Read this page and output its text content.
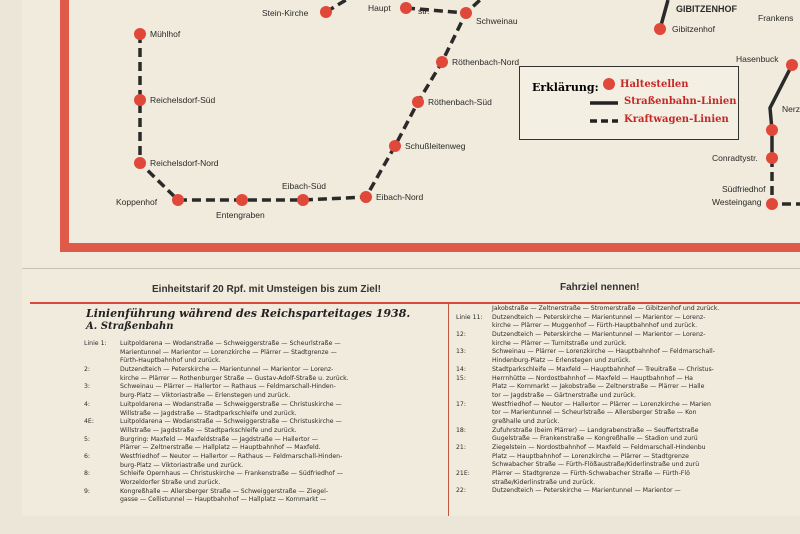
Mühlhof
Reichelsdorf-Süd
Reichelsdorf-Nord
Koppenhof
Entengraben
Eibach-Süd
Eibach-Nord
Schußleitenweg
Röthenbach-Süd
Röthenbach-Nord
Schweinau
Stein-Kirche	Haupt	str.	GIBITZENHOF
Gibitzenhof
Frankens
Hasenbuck
Nerz
Conradtystr.
Südfriedhof
Westeingang
Erklärung: Haltestellen
Straßenbahn-Linien
Kraftwagen-Linien
Einheitstarif 20 Rpf. mit Umsteigen bis zum Ziel!	Fahrziel nennen!
Linienführung während des Reichsparteitages 1938.
A. Straßenbahn
Linie 1:	Luitpoldarena — Wodanstraße — Schweiggerstraße — Scheurlstraße —
Marientunnel — Marientor — Lorenzkirche — Plärrer — Stadtgrenze —
Fürth-Hauptbahnhof und zurück.
2:	Dutzendteich — Peterskirche — Marientunnel — Marientor — Lorenz-
kirche — Plärrer — Rothenburger Straße — Gustav-Adolf-Straße u. zurück.
3:	Schweinau — Plärrer — Hallertor — Rathaus — Feldmarschall-Hinden-
burg-Platz — Viktoriastraße — Erlenstegen und zurück.
4:	Luitpoldarena — Wodanstraße — Schweiggerstraße — Christuskirche —
Willstraße — Jagdstraße — Stadtparkschleife und zurück.
4E:	Luitpoldarena — Wodanstraße — Schweiggerstraße — Christuskirche —
Willstraße — Jagdstraße — Stadtparkschleife und zurück.
5:	Burgring: Maxfeld — Maxfeldstraße — Jagdstraße — Hallertor —
Plärrer — Zeltnerstraße — Hallplatz — Hauptbahnhof — Maxfeld.
6:	Westfriedhof — Neutor — Hallertor — Rathaus — Feldmarschall-Hinden-
burg-Platz — Viktoriastraße und zurück.
8:	Schleife Opernhaus — Christuskirche — Frankenstraße — Südfriedhof —
Worzeldorfer Straße und zurück.
9:	Kongreßhalle — Allersberger Straße — Schweiggerstraße — Ziegel-
gasse — Cellistunnel — Hauptbahnhof — Hallplatz — Kornmarkt —
Jakobstraße — Zeltnerstraße — Stromerstraße — Gibitzenhof und zurück.
Linie 11:	Dutzendteich — Peterskirche — Marientunnel — Marientor — Lorenz-
kirche — Plärrer — Muggenhof — Fürth-Hauptbahnhof und zurück.
12:	Dutzendteich — Peterskirche — Marientunnel — Marientor — Lorenz-
kirche — Plärrer — Turnitstraße und zurück.
13:	Schweinau — Plärrer — Lorenzkirche — Hauptbahnhof — Feldmarschall-
Hindenburg-Platz — Erlenstegen und zurück.
14:	Stadtparkschleife — Maxfeld — Hauptbahnhof — Treuitraße — Christus-
15:	Herrnhütte — Nordostbahnhof — Maxfeld — Hauptbahnhof — Ha
Platz — Kornmarkt — Jakobstraße — Zeltnerstraße — Plärrer — Halle
tor — Jagdstraße — Gärtnerstraße und zurück.
17:	Westfriedhof — Neutor — Hallertor — Plärrer — Lorenzkirche — Marien
tor — Marientunnel — Scheurlstraße — Allersberger Straße — Kon
greßhalle und zurück.
18:	Zufuhrstraße (beim Plärrer) — Landgrabenstraße — Seuffertstraße
Gugelstraße — Frankenstraße — Kongreßhalle — Stadion und zurü
21:	Ziegelstein — Nordostbahnhof — Maxfeld — Feldmarschall-Hindenbu
Platz — Hauptbahnhof — Lorenzkirche — Plärrer — Stadtgrenze
Schwabacher Straße — Fürth-Flößaustraße/Kiderlinstraße und zurü
21E:	Plärrer — Stadtgrenze — Fürth-Schwabacher Straße — Fürth-Flö
straße/Kiderlinstraße und zurück.
22:	Dutzendteich — Peterskirche — Marientunnel — Marientor —
